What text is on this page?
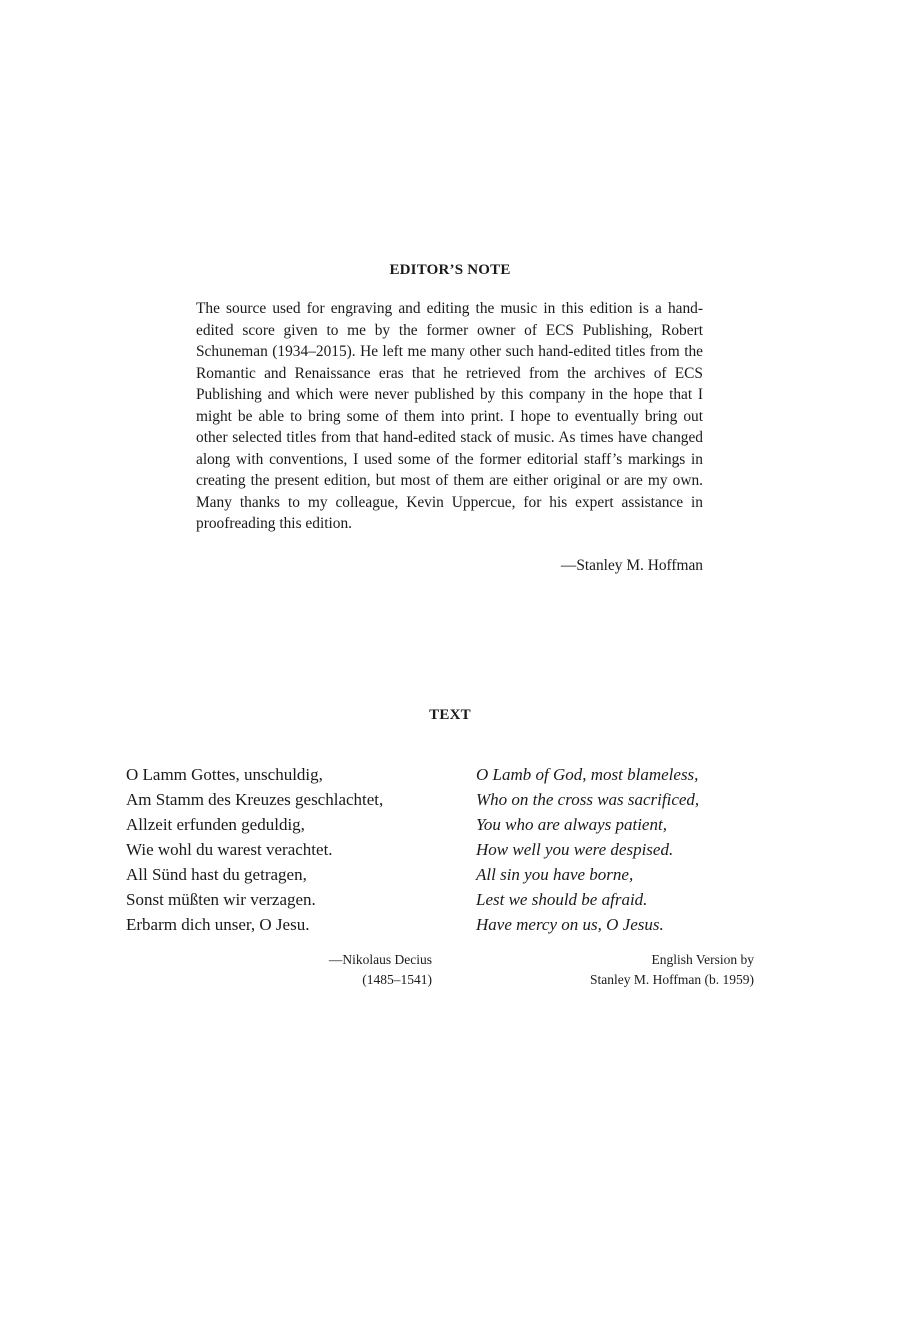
EDITOR’S NOTE
The source used for engraving and editing the music in this edition is a hand-edited score given to me by the former owner of ECS Publishing, Robert Schuneman (1934–2015). He left me many other such hand-edited titles from the Romantic and Renaissance eras that he retrieved from the archives of ECS Publishing and which were never published by this company in the hope that I might be able to bring some of them into print. I hope to eventually bring out other selected titles from that hand-edited stack of music. As times have changed along with conventions, I used some of the former editorial staff’s markings in creating the present edition, but most of them are either original or are my own. Many thanks to my colleague, Kevin Uppercue, for his expert assistance in proofreading this edition.
—Stanley M. Hoffman
TEXT
O Lamm Gottes, unschuldig,
Am Stamm des Kreuzes geschlachtet,
Allzeit erfunden geduldig,
Wie wohl du warest verachtet.
All Sünd hast du getragen,
Sonst müßten wir verzagen.
Erbarm dich unser, O Jesu.
O Lamb of God, most blameless,
Who on the cross was sacrificed,
You who are always patient,
How well you were despised.
All sin you have borne,
Lest we should be afraid.
Have mercy on us, O Jesus.
—Nikolaus Decius
(1485–1541)
English Version by
Stanley M. Hoffman (b. 1959)
